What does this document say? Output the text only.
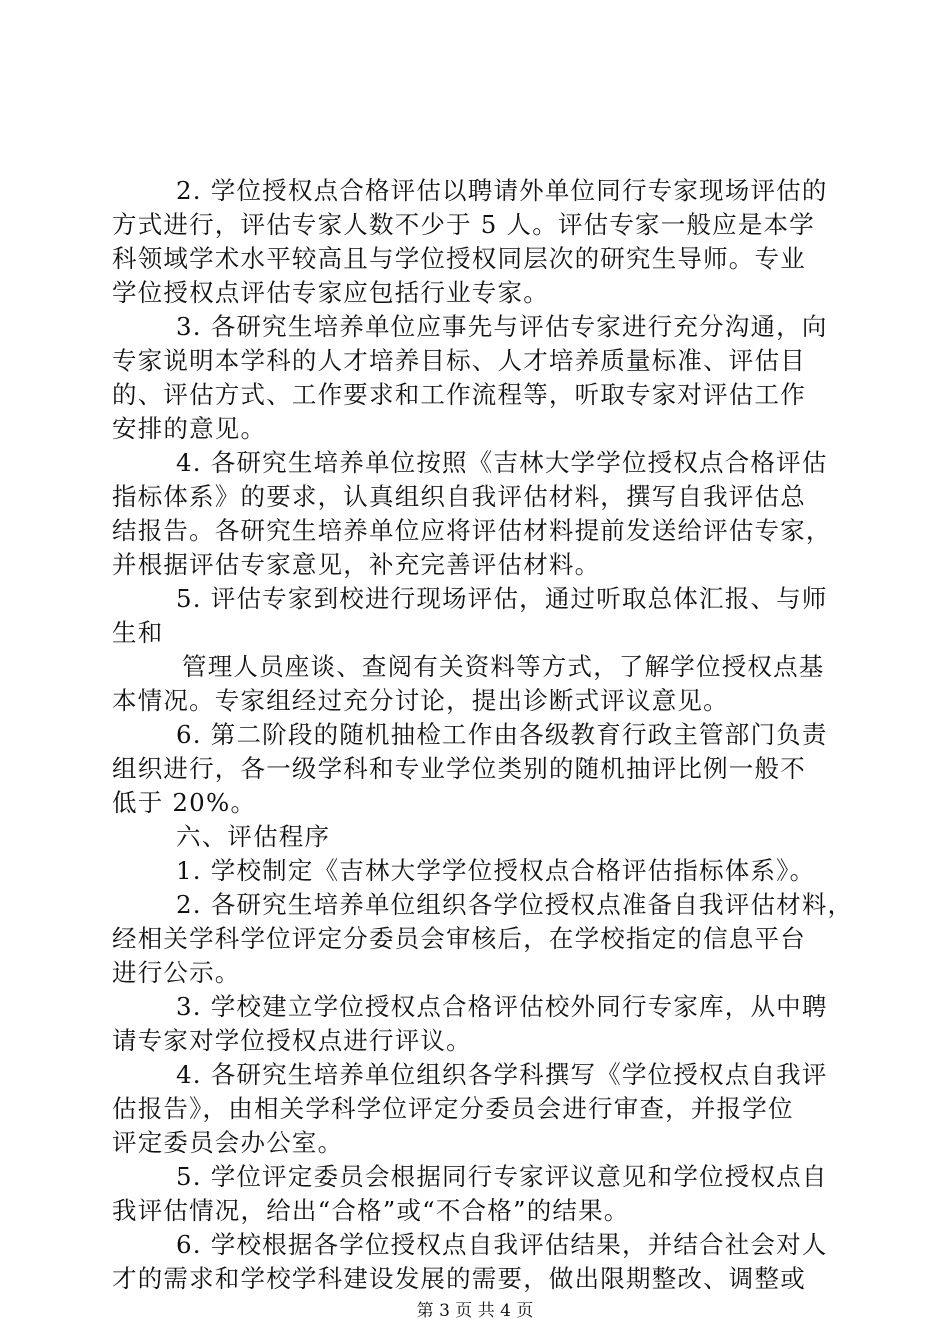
2. 学位授权点合格评估以聘请外单位同行专家现场评估的
方式进行，评估专家人数不少于 5 人。评估专家一般应是本学
科领域学术水平较高且与学位授权同层次的研究生导师。专业
学位授权点评估专家应包括行业专家。
3. 各研究生培养单位应事先与评估专家进行充分沟通，向
专家说明本学科的人才培养目标、人才培养质量标准、评估目
的、评估方式、工作要求和工作流程等，听取专家对评估工作
安排的意见。
4. 各研究生培养单位按照《吉林大学学位授权点合格评估
指标体系》的要求，认真组织自我评估材料，撰写自我评估总
结报告。各研究生培养单位应将评估材料提前发送给评估专家，
并根据评估专家意见，补充完善评估材料。
5. 评估专家到校进行现场评估，通过听取总体汇报、与师
生和
管理人员座谈、查阅有关资料等方式，了解学位授权点基
本情况。专家组经过充分讨论，提出诊断式评议意见。
6. 第二阶段的随机抽检工作由各级教育行政主管部门负责
组织进行，各一级学科和专业学位类别的随机抽评比例一般不
低于 20%。
六、评估程序
1. 学校制定《吉林大学学位授权点合格评估指标体系》。
2. 各研究生培养单位组织各学位授权点准备自我评估材料，
经相关学科学位评定分委员会审核后，在学校指定的信息平台
进行公示。
3. 学校建立学位授权点合格评估校外同行专家库，从中聘
请专家对学位授权点进行评议。
4. 各研究生培养单位组织各学科撰写《学位授权点自我评
估报告》，由相关学科学位评定分委员会进行审查，并报学位
评定委员会办公室。
5. 学位评定委员会根据同行专家评议意见和学位授权点自
我评估情况，给出“合格”或“不合格”的结果。
6. 学校根据各学位授权点自我评估结果，并结合社会对人
才的需求和学校学科建设发展的需要，做出限期整改、调整或
第 3 页 共 4 页
